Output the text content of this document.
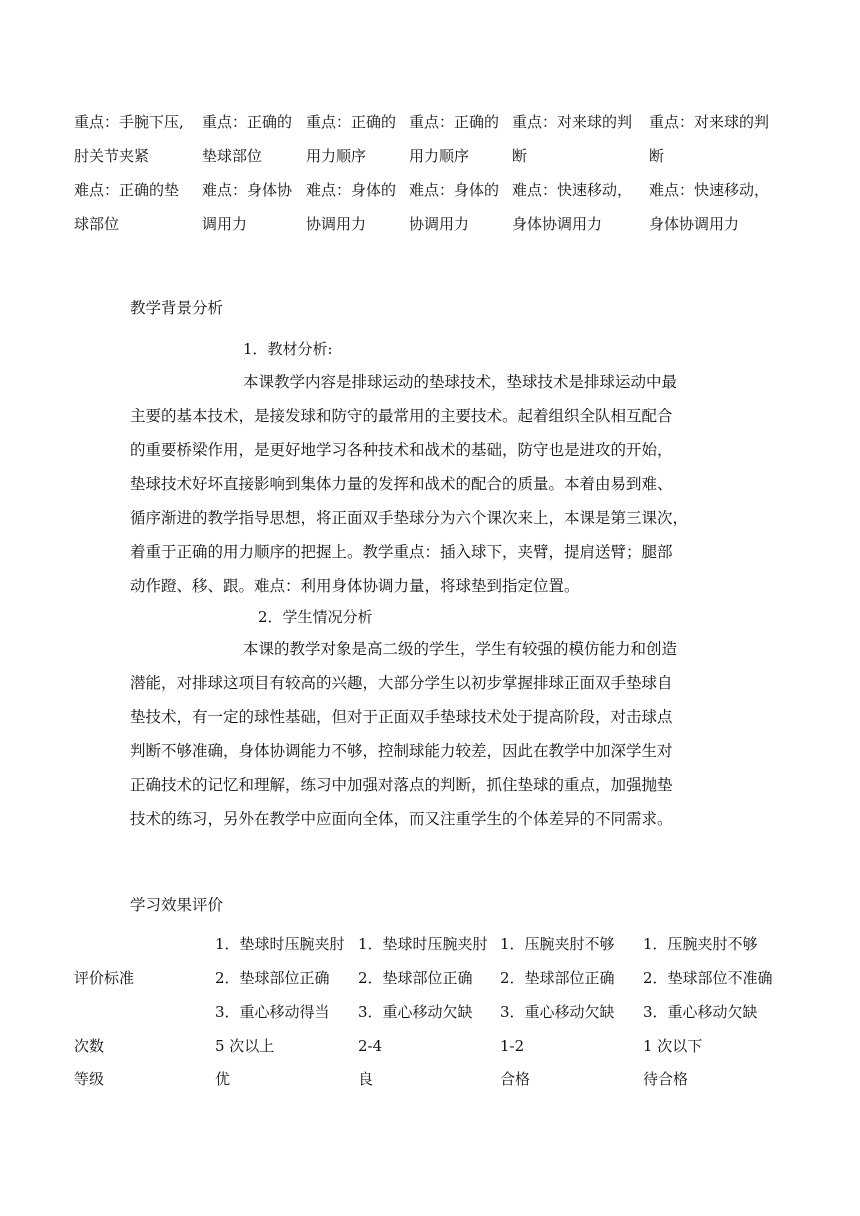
重点：手腕下压, 重点：正确的 重点：正确的 重点：正确的 重点：对来球的判 重点：对来球的判
肘关节夹紧	垫球部位	用力顺序	用力顺序	断	断
难点：正确的垫 难点：身体协 难点：身体的 难点：身体的 难点：快速移动， 难点：快速移动，
球部位	调用力	协调用力	协调用力	身体协调用力	身体协调用力
教学背景分析
1．教材分析:
本课教学内容是排球运动的垫球技术，垫球技术是排球运动中最
主要的基本技术，是接发球和防守的最常用的主要技术。起着组织全队相互配合
的重要桥梁作用，是更好地学习各种技术和战术的基础，防守也是进攻的开始，
垫球技术好坏直接影响到集体力量的发挥和战术的配合的质量。本着由易到难、
循序渐进的教学指导思想，将正面双手垫球分为六个课次来上，本课是第三课次，
着重于正确的用力顺序的把握上。教学重点：插入球下，夹臂，提肩送臂；腿部
动作蹬、移、跟。难点：利用身体协调力量，将球垫到指定位置。
2．学生情况分析
本课的教学对象是高二级的学生，学生有较强的模仿能力和创造
潜能，对排球这项目有较高的兴趣，大部分学生以初步掌握排球正面双手垫球自
垫技术，有一定的球性基础，但对于正面双手垫球技术处于提高阶段，对击球点
判断不够准确，身体协调能力不够，控制球能力较差，因此在教学中加深学生对
正确技术的记忆和理解，练习中加强对落点的判断，抓住垫球的重点，加强抛垫
技术的练习，另外在教学中应面向全体，而又注重学生的个体差异的不同需求。
学习效果评价
1．垫球时压腕夹肘 1．垫球时压腕夹肘 1．压腕夹肘不够 1．压腕夹肘不够
评价标准	2．垫球部位正确 2．垫球部位正确 2．垫球部位正确 2．垫球部位不准确
3．重心移动得当 3．重心移动欠缺 3．重心移动欠缺 3．重心移动欠缺
次数	5 次以上	2-4	1-2	1 次以下
等级	优	良	合格	待合格
